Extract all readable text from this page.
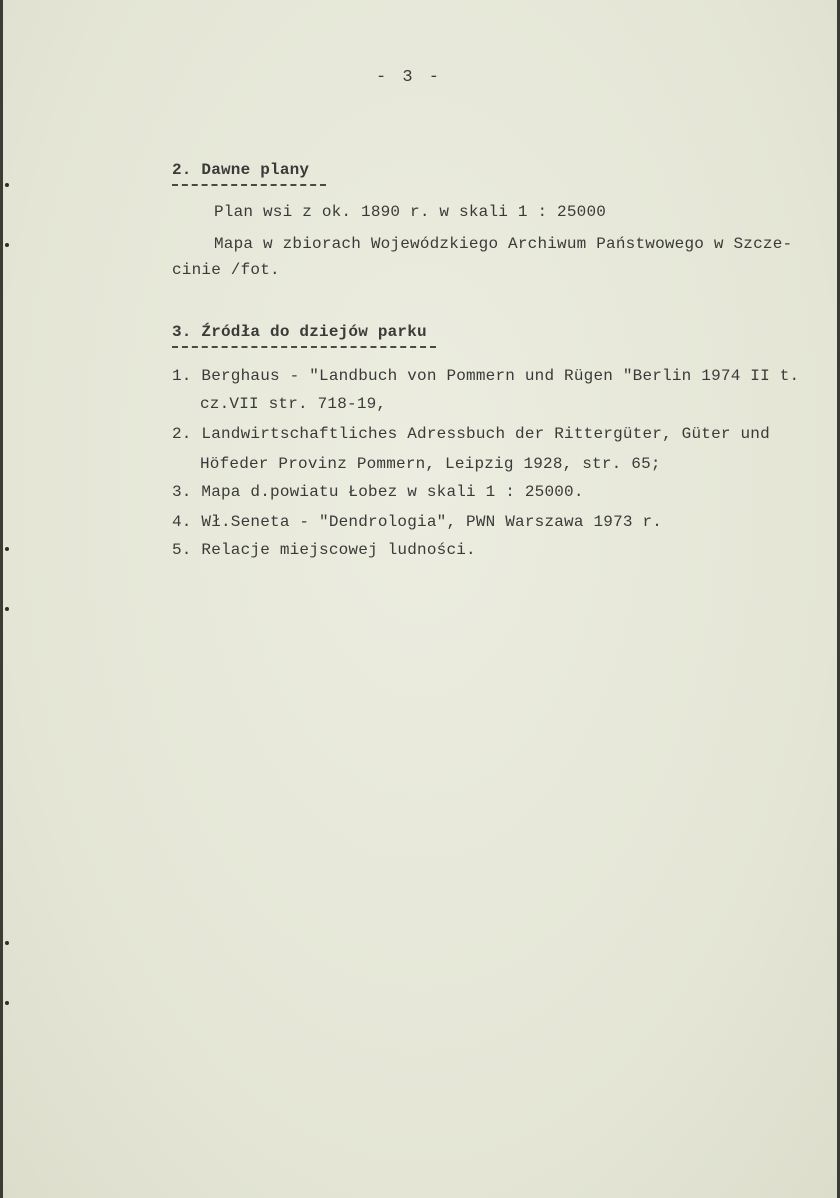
- 3 -
2. Dawne plany
Plan wsi z ok. 1890 r. w skali 1 : 25000
Mapa w zbiorach Wojewódzkiego Archiwum Państwowego w Szcze-
cinie /fot.
3. Źródła do dziejów parku
1. Berghaus - "Landbuch von Pommern und Rügen "Berlin 1974 II t.
cz.VII str. 718-19,
2. Landwirtschaftliches Adressbuch der Rittergüter, Güter und
Höfeder Provinz Pommern, Leipzig 1928, str. 65;
3. Mapa d.powiatu Łobez w skali 1 : 25000.
4. Wł.Seneta - "Dendrologia", PWN Warszawa 1973 r.
5. Relacje miejscowej ludności.
